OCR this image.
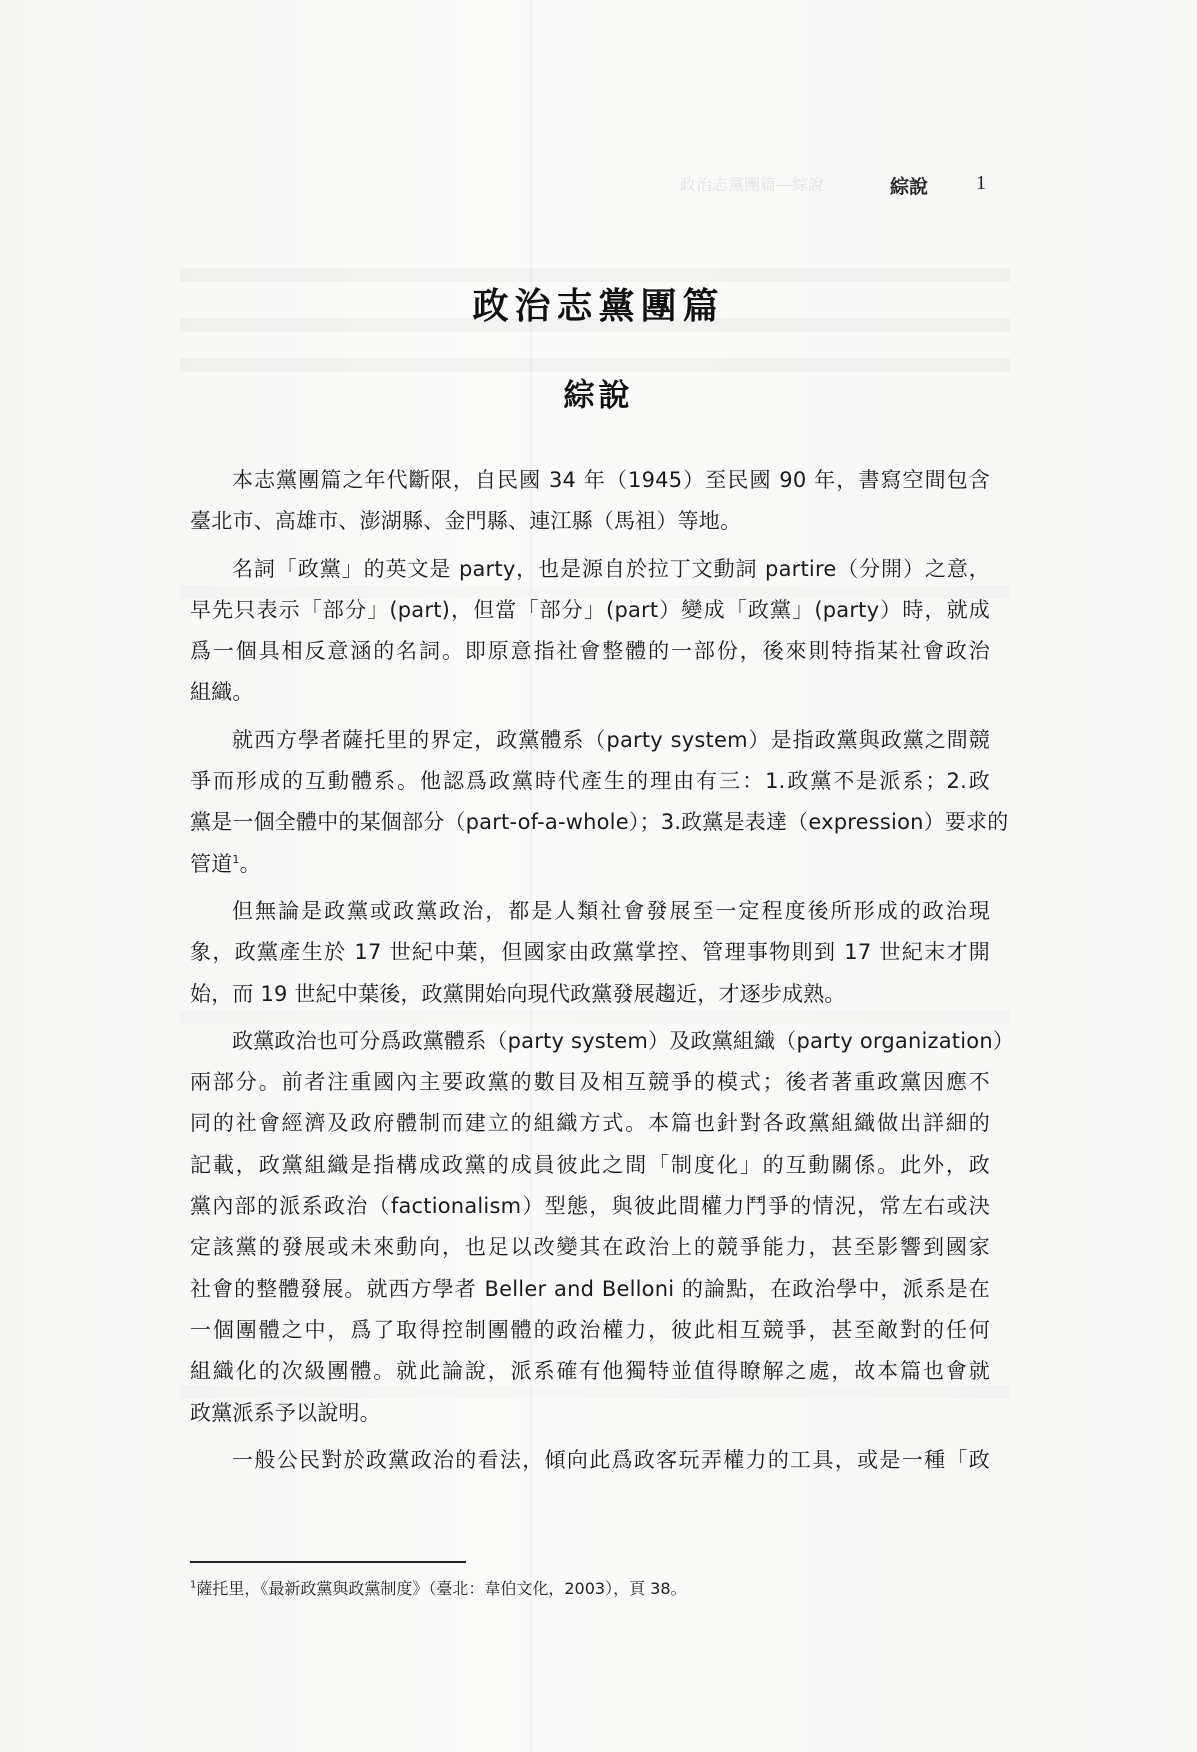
政治志黨團篇—綜說	綜說 1
政治志黨團篇
綜說
本志黨團篇之年代斷限，自民國 34 年（1945）至民國 90 年，書寫空間包含
臺北市、高雄市、澎湖縣、金門縣、連江縣（馬祖）等地。
名詞「政黨」的英文是 party，也是源自於拉丁文動詞 partire（分開）之意，
早先只表示「部分」(part)，但當「部分」(part）變成「政黨」(party）時，就成
爲一個具相反意涵的名詞。即原意指社會整體的一部份，後來則特指某社會政治
組織。
就西方學者薩托里的界定，政黨體系（party system）是指政黨與政黨之間競
爭而形成的互動體系。他認爲政黨時代產生的理由有三：1.政黨不是派系；2.政
黨是一個全體中的某個部分（part-of-a-whole）；3.政黨是表達（expression）要求的
管道$^1$。
但無論是政黨或政黨政治，都是人類社會發展至一定程度後所形成的政治現
象，政黨產生於 17 世紀中葉，但國家由政黨掌控、管理事物則到 17 世紀末才開
始，而 19 世紀中葉後，政黨開始向現代政黨發展趨近，才逐步成熟。
政黨政治也可分爲政黨體系（party system）及政黨組織（party organization）
兩部分。前者注重國內主要政黨的數目及相互競爭的模式；後者著重政黨因應不
同的社會經濟及政府體制而建立的組織方式。本篇也針對各政黨組織做出詳細的
記載，政黨組織是指構成政黨的成員彼此之間「制度化」的互動關係。此外，政
黨內部的派系政治（factionalism）型態，與彼此間權力鬥爭的情況，常左右或決
定該黨的發展或未來動向，也足以改變其在政治上的競爭能力，甚至影響到國家
社會的整體發展。就西方學者 Beller and Belloni 的論點，在政治學中，派系是在
一個團體之中，爲了取得控制團體的政治權力，彼此相互競爭，甚至敵對的任何
組織化的次級團體。就此論說，派系確有他獨特並值得瞭解之處，故本篇也會就
政黨派系予以說明。
一般公民對於政黨政治的看法，傾向此爲政客玩弄權力的工具，或是一種「政
$^1$薩托里，《最新政黨與政黨制度》（臺北：韋伯文化，2003），頁 38。
